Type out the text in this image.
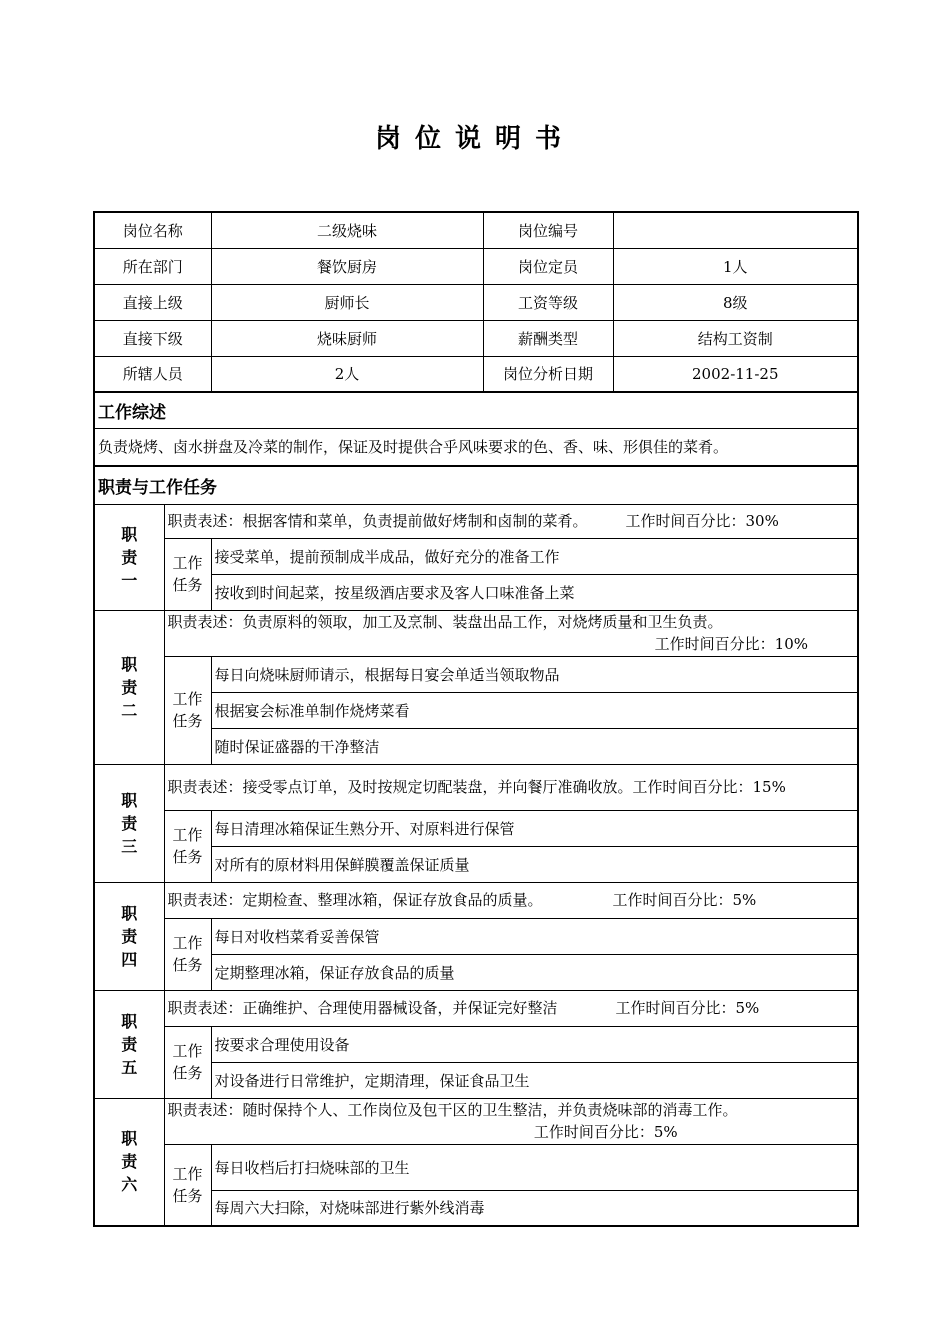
岗位说明书
岗位名称		二级烧味	岗位编号	
所在部门		餐饮厨房	岗位定员	1人
直接上级		厨师长	工资等级	8级
直接下级		烧味厨师	薪酬类型	结构工资制
所辖人员		2人	岗位分析日期	2002-11-25
工作综述				
负责烧烤、卤水拼盘及冷菜的制作，保证及时提供合乎风味要求的色、香、味、形俱佳的菜肴。				
职责与工作任务				
职
责
一	职责表述：根据客情和菜单，负责提前做好烤制和卤制的菜肴。 工作时间百分比：30%			
	工作
任务	接受菜单，提前预制成半成品，做好充分的准备工作		
		按收到时间起菜，按星级酒店要求及客人口味准备上菜		
职
责
二	职责表述：负责原料的领取，加工及烹制、装盘出品工作，对烧烤质量和卫生负责。
工作时间百分比：10%			

	工作
任务	每日向烧味厨师请示，根据每日宴会单适当领取物品		
		根据宴会标准单制作烧烤菜看		
		随时保证盛器的干净整洁		
职
责
三	职责表述：接受零点订单，及时按规定切配装盘，并向餐厅准确收放。工作时间百分比：15%			
	工作
任务	每日清理冰箱保证生熟分开、对原料进行保管		
		对所有的原材料用保鲜膜覆盖保证质量		
职
责
四	职责表述：定期检查、整理冰箱，保证存放食品的质量。 工作时间百分比：5%			
	工作
任务	每日对收档菜肴妥善保管		
		定期整理冰箱，保证存放食品的质量		
职
责
五	职责表述：正确维护、合理使用器械设备，并保证完好整洁 工作时间百分比：5%			
	工作
任务	按要求合理使用设备		
		对设备进行日常维护，定期清理，保证食品卫生		
职
责
六	职责表述：随时保持个人、工作岗位及包干区的卫生整洁，并负责烧味部的消毒工作。
工作时间百分比：5%			

	工作
任务	每日收档后打扫烧味部的卫生		
		每周六大扫除，对烧味部进行紫外线消毒		
